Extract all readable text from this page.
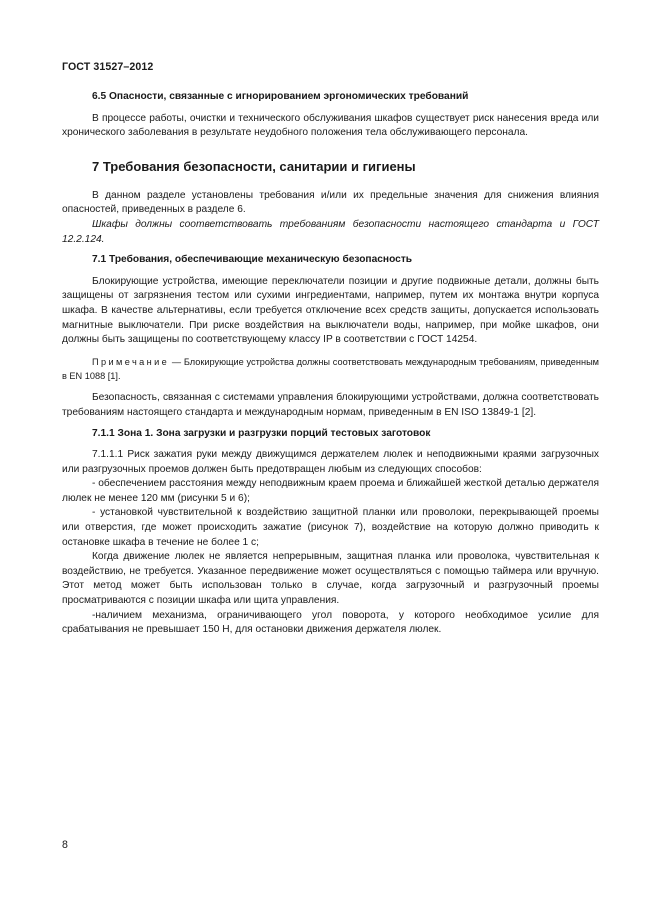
ГОСТ 31527–2012
6.5 Опасности, связанные с игнорированием эргономических требований

В процессе работы, очистки и технического обслуживания шкафов существует риск нанесения вреда или хронического заболевания в результате неудобного положения тела обслуживающего персонала.

7 Требования безопасности, санитарии и гигиены

В данном разделе установлены требования и/или их предельные значения для снижения влияния опасностей, приведенных в разделе 6.

Шкафы должны соответствовать требованиям безопасности настоящего стандарта и ГОСТ 12.2.124.

7.1 Требования, обеспечивающие механическую безопасность

Блокирующие устройства, имеющие переключатели позиции и другие подвижные детали, должны быть защищены от загрязнения тестом или сухими ингредиентами, например, путем их монтажа внутри корпуса шкафа. В качестве альтернативы, если требуется отключение всех средств защиты, допускается использовать магнитные выключатели. При риске воздействия на выключатели воды, например, при мойке шкафов, они должны быть защищены по соответствующему классу IP в соответствии с ГОСТ 14254.

Примечание — Блокирующие устройства должны соответствовать международным требованиям, приведенным в EN 1088 [1].

Безопасность, связанная с системами управления блокирующими устройствами, должна соответствовать требованиям настоящего стандарта и международным нормам, приведенным в EN ISO 13849-1 [2].

7.1.1 Зона 1. Зона загрузки и разгрузки порций тестовых заготовок

7.1.1.1 Риск зажатия руки между движущимся держателем люлек и неподвижными краями загрузочных или разгрузочных проемов должен быть предотвращен любым из следующих способов:

- обеспечением расстояния между неподвижным краем проема и ближайшей жесткой деталью держателя люлек не менее 120 мм (рисунки 5 и 6);

- установкой чувствительной к воздействию защитной планки или проволоки, перекрывающей проемы или отверстия, где может происходить зажатие (рисунок 7), воздействие на которую должно приводить к остановке шкафа в течение не более 1 с;

Когда движение люлек не является непрерывным, защитная планка или проволока, чувствительная к воздействию, не требуется. Указанное передвижение может осуществляться с помощью таймера или вручную. Этот метод может быть использован только в случае, когда загрузочный и разгрузочный проемы просматриваются с позиции шкафа или щита управления.

-наличием механизма, ограничивающего угол поворота, у которого необходимое усилие для срабатывания не превышает 150 Н, для остановки движения держателя люлек.

8
